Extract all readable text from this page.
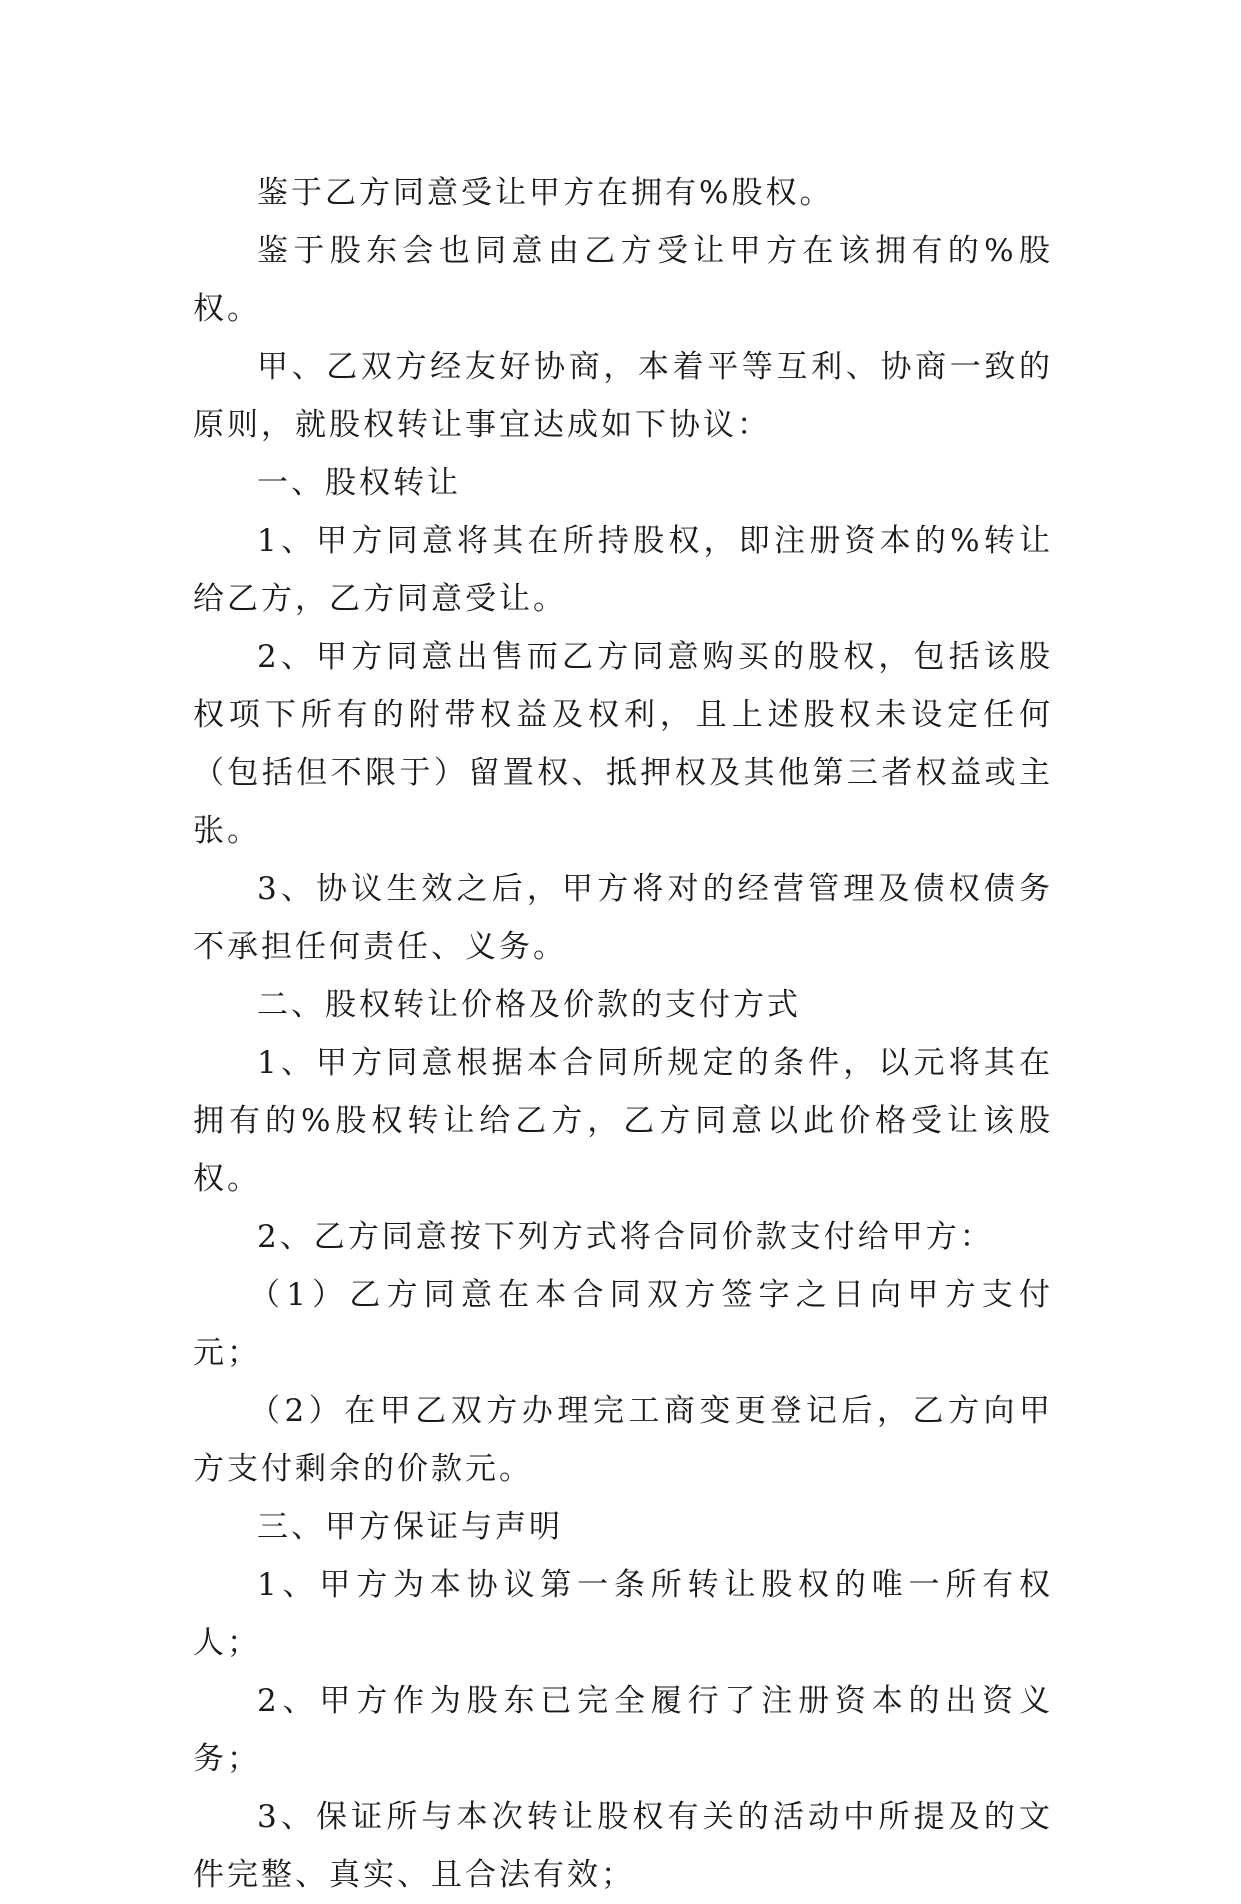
鉴于乙方同意受让甲方在拥有%股权。

鉴于股东会也同意由乙方受让甲方在该拥有的%股权。

甲、乙双方经友好协商，本着平等互利、协商一致的原则，就股权转让事宜达成如下协议：

一、股权转让

1、甲方同意将其在所持股权，即注册资本的%转让给乙方，乙方同意受让。

2、甲方同意出售而乙方同意购买的股权，包括该股权项下所有的附带权益及权利，且上述股权未设定任何（包括但不限于）留置权、抵押权及其他第三者权益或主张。

3、协议生效之后，甲方将对的经营管理及债权债务不承担任何责任、义务。

二、股权转让价格及价款的支付方式

1、甲方同意根据本合同所规定的条件，以元将其在拥有的%股权转让给乙方，乙方同意以此价格受让该股权。

2、乙方同意按下列方式将合同价款支付给甲方：

（1）乙方同意在本合同双方签字之日向甲方支付元；

（2）在甲乙双方办理完工商变更登记后，乙方向甲方支付剩余的价款元。

三、甲方保证与声明

1、甲方为本协议第一条所转让股权的唯一所有权人；

2、甲方作为股东已完全履行了注册资本的出资义务；

3、保证所与本次转让股权有关的活动中所提及的文件完整、真实、且合法有效；
